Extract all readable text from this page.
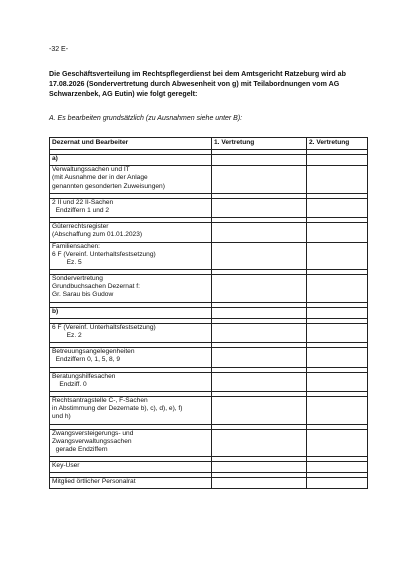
-32 E-
Die Geschäftsverteilung im Rechtspflegerdienst bei dem Amtsgericht Ratzeburg wird ab 17.08.2026 (Sondervertretung durch Abwesenheit von g) mit Teilabordnungen vom AG Schwarzenbek, AG Eutin) wie folgt geregelt:
A. Es bearbeiten grundsätzlich (zu Ausnahmen siehe unter B):
Dezernat und Bearbeiter	1. Vertretung	2. Vertretung

a)		

Verwaltungssachen und IT
(mit Ausnahme der in der Anlage
genannten gesonderten Zuweisungen)		

2 II und 22 II-Sachen
Endziffern 1 und 2		

Güterrechtsregister
(Abschaffung zum 01.01.2023)		

Familiensachen:
6 F (Vereinf. Unterhaltsfestsetzung)
Ez. 5		

Sondervertretung
Grundbuchsachen Dezernat f:
Gr. Sarau bis Gudow		

b)		

6 F (Vereinf. Unterhaltsfestsetzung)
Ez. 2		

Betreuungsangelegenheiten
Endziffern 0, 1, 5, 8, 9		

Beratungshilfesachen
Endziff. 0		

Rechtsantragstelle C-, F-Sachen
in Abstimmung der Dezernate b), c), d), e), f)
und h)		

Zwangsversteigerungs- und
Zwangsverwaltungssachen
gerade Endziffern		

Key-User		

Mitglied örtlicher Personalrat		
